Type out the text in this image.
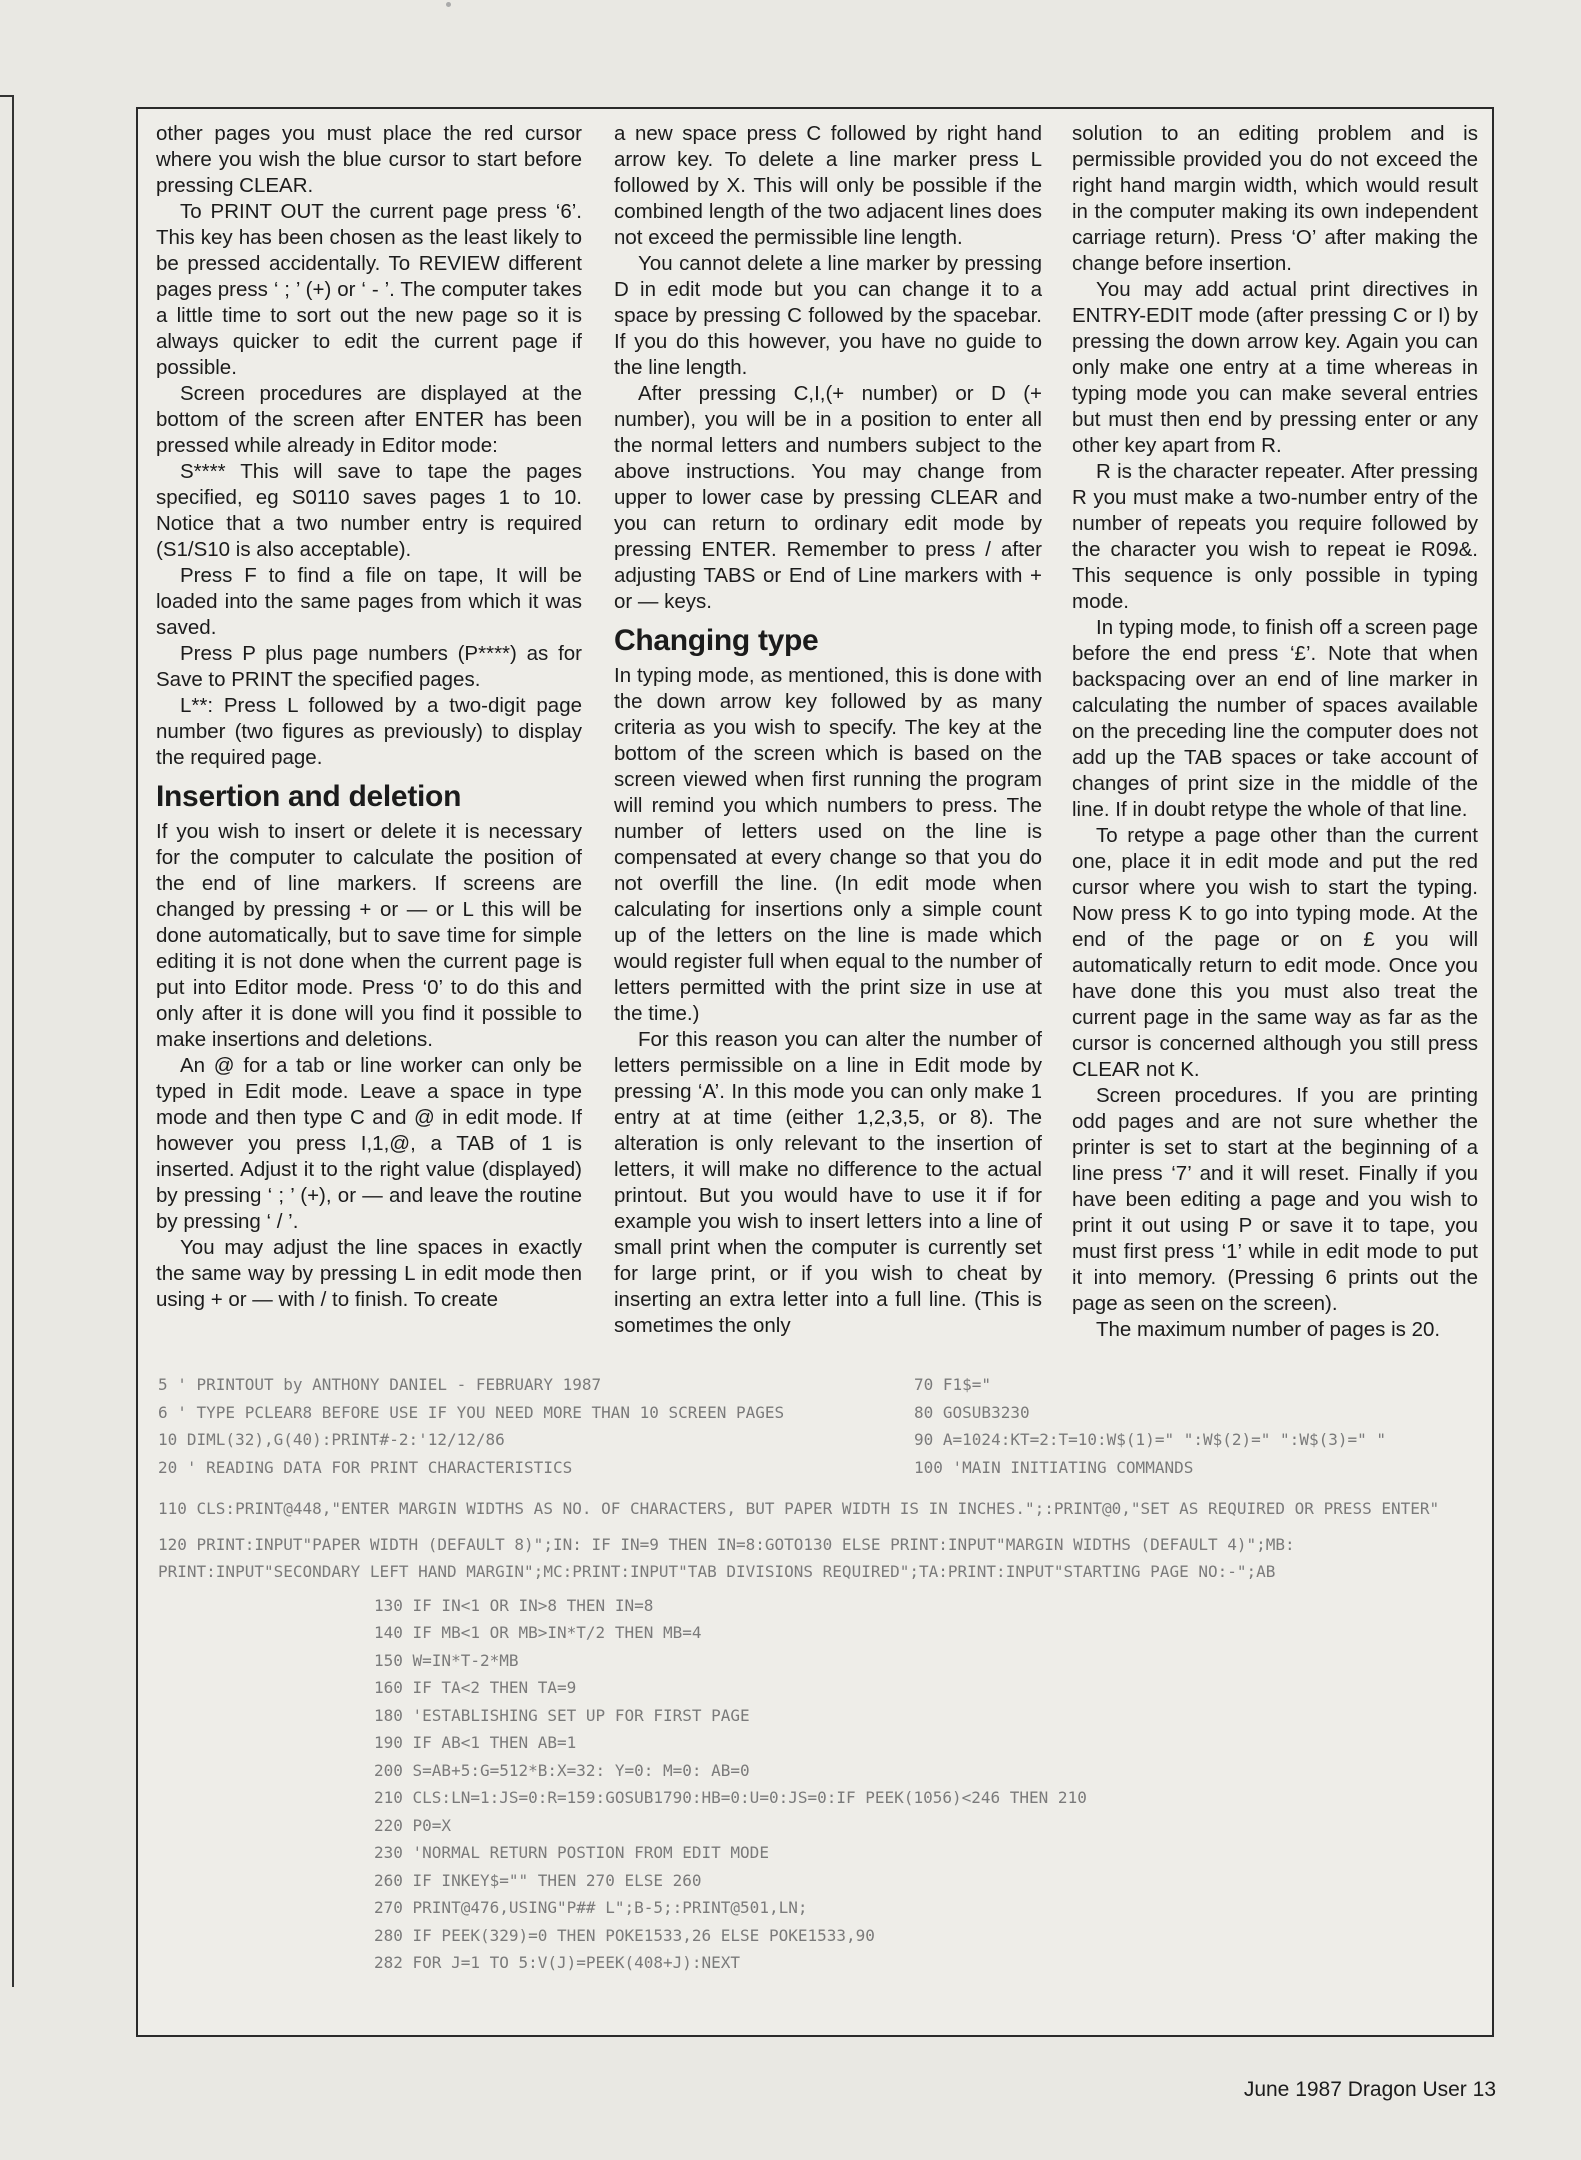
other pages you must place the red cursor where you wish the blue cursor to start before pressing CLEAR.

To PRINT OUT the current page press ‘6’. This key has been chosen as the least likely to be pressed accidentally. To REVIEW different pages press ‘ ; ’ (+) or ‘ - ’. The computer takes a little time to sort out the new page so it is always quicker to edit the current page if possible.

Screen procedures are displayed at the bottom of the screen after ENTER has been pressed while already in Editor mode:

S**** This will save to tape the pages specified, eg S0110 saves pages 1 to 10. Notice that a two number entry is required (S1/S10 is also acceptable).

Press F to find a file on tape, It will be loaded into the same pages from which it was saved.

Press P plus page numbers (P****) as for Save to PRINT the specified pages.

L**: Press L followed by a two-digit page number (two figures as previously) to display the required page.

Insertion and deletion

If you wish to insert or delete it is necessary for the computer to calculate the position of the end of line markers. If screens are changed by pressing + or — or L this will be done automatically, but to save time for simple editing it is not done when the current page is put into Editor mode. Press ‘0’ to do this and only after it is done will you find it possible to make insertions and deletions.

An @ for a tab or line worker can only be typed in Edit mode. Leave a space in type mode and then type C and @ in edit mode. If however you press I,1,@, a TAB of 1 is inserted. Adjust it to the right value (displayed) by pressing ‘ ; ’ (+), or — and leave the routine by pressing ‘ / ’.

You may adjust the line spaces in exactly the same way by pressing L in edit mode then using + or — with / to finish. To create

a new space press C followed by right hand arrow key. To delete a line marker press L followed by X. This will only be possible if the combined length of the two adjacent lines does not exceed the permissible line length.

You cannot delete a line marker by pressing D in edit mode but you can change it to a space by pressing C followed by the spacebar. If you do this however, you have no guide to the line length.

After pressing C,I,(+ number) or D (+ number), you will be in a position to enter all the normal letters and numbers subject to the above instructions. You may change from upper to lower case by pressing CLEAR and you can return to ordinary edit mode by pressing ENTER. Remember to press / after adjusting TABS or End of Line markers with + or — keys.

Changing type

In typing mode, as mentioned, this is done with the down arrow key followed by as many criteria as you wish to specify. The key at the bottom of the screen which is based on the screen viewed when first running the program will remind you which numbers to press. The number of letters used on the line is compensated at every change so that you do not overfill the line. (In edit mode when calculating for insertions only a simple count up of the letters on the line is made which would register full when equal to the number of letters permitted with the print size in use at the time.)

For this reason you can alter the number of letters permissible on a line in Edit mode by pressing ‘A’. In this mode you can only make 1 entry at at time (either 1,2,3,5, or 8). The alteration is only relevant to the insertion of letters, it will make no difference to the actual printout. But you would have to use it if for example you wish to insert letters into a line of small print when the computer is currently set for large print, or if you wish to cheat by inserting an extra letter into a full line. (This is sometimes the only

solution to an editing problem and is permissible provided you do not exceed the right hand margin width, which would result in the computer making its own independent carriage return). Press ‘O’ after making the change before insertion.

You may add actual print directives in ENTRY-EDIT mode (after pressing C or I) by pressing the down arrow key. Again you can only make one entry at a time whereas in typing mode you can make several entries but must then end by pressing enter or any other key apart from R.

R is the character repeater. After pressing R you must make a two-number entry of the number of repeats you require followed by the character you wish to repeat ie R09&. This sequence is only possible in typing mode.

In typing mode, to finish off a screen page before the end press ‘£’. Note that when backspacing over an end of line marker in calculating the number of spaces available on the preceding line the computer does not add up the TAB spaces or take account of changes of print size in the middle of the line. If in doubt retype the whole of that line.

To retype a page other than the current one, place it in edit mode and put the red cursor where you wish to start the typing. Now press K to go into typing mode. At the end of the page or on £ you will automatically return to edit mode. Once you have done this you must also treat the current page in the same way as far as the cursor is concerned although you still press CLEAR not K.

Screen procedures. If you are printing odd pages and are not sure whether the printer is set to start at the beginning of a line press ‘7’ and it will reset. Finally if you have been editing a page and you wish to print it out using P or save it to tape, you must first press ‘1’ while in edit mode to put it into memory. (Pressing 6 prints out the page as seen on the screen).

The maximum number of pages is 20.

5 ' PRINTOUT by ANTHONY DANIEL - FEBRUARY 1987	70 F1$="
6 ' TYPE PCLEAR8 BEFORE USE IF YOU NEED MORE THAN 10 SCREEN PAGES	80 GOSUB3230
10 DIML(32),G(40):PRINT#-2:'12/12/86	90 A=1024:KT=2:T=10:W$(1)=" ":W$(2)=" ":W$(3)=" "
20 ' READING DATA FOR PRINT CHARACTERISTICS	100 'MAIN INITIATING COMMANDS
110 CLS:PRINT@448,"ENTER MARGIN WIDTHS AS NO. OF CHARACTERS, BUT PAPER WIDTH IS IN INCHES.";:PRINT@0,"SET AS REQUIRED OR PRESS ENTER"
120 PRINT:INPUT"PAPER WIDTH (DEFAULT 8)";IN: IF IN=9 THEN IN=8:GOTO130 ELSE PRINT:INPUT"MARGIN WIDTHS (DEFAULT 4)";MB: PRINT:INPUT"SECONDARY LEFT HAND MARGIN";MC:PRINT:INPUT"TAB DIVISIONS REQUIRED";TA:PRINT:INPUT"STARTING PAGE NO:-";AB
130 IF IN<1 OR IN>8 THEN IN=8
140 IF MB<1 OR MB>IN*T/2 THEN MB=4
150 W=IN*T-2*MB
160 IF TA<2 THEN TA=9
180 'ESTABLISHING SET UP FOR FIRST PAGE
190 IF AB<1 THEN AB=1
200 S=AB+5:G=512*B:X=32: Y=0: M=0: AB=0
210 CLS:LN=1:JS=0:R=159:GOSUB1790:HB=0:U=0:JS=0:IF PEEK(1056)<246 THEN 210
220 P0=X
230 'NORMAL RETURN POSTION FROM EDIT MODE
260 IF INKEY$="" THEN 270 ELSE 260
270 PRINT@476,USING"P## L";B-5;:PRINT@501,LN;
280 IF PEEK(329)=0 THEN POKE1533,26 ELSE POKE1533,90
282 FOR J=1 TO 5:V(J)=PEEK(408+J):NEXT
June 1987 Dragon User 13
